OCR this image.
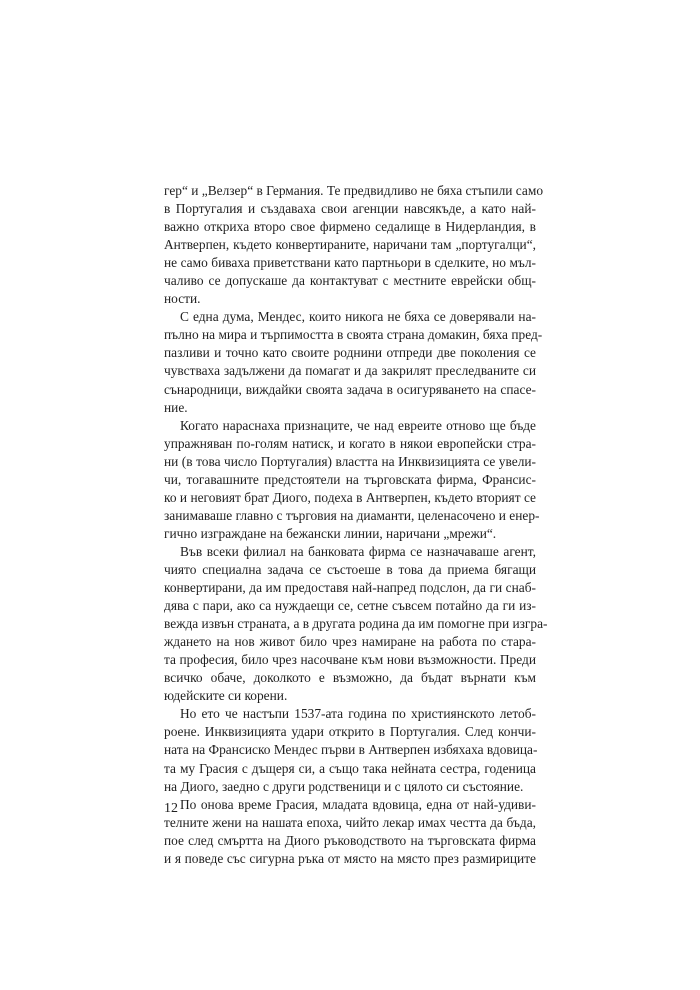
гер“ и „Велзер“ в Германия. Те предвидливо не бяха стъпили само
в Португалия и създаваха свои агенции навсякъде, а като най-
важно открихa второ свое фирмено седалище в Нидерландия, в
Антверпен, където конвертираните, наричани там „португалци“,
не само биваха приветствани като партньори в сделките, но мъл-
чаливо се допускаше да контактуват с местните еврейски общ-
ности.
С една дума, Мендес, които никога не бяха се доверявали на-
пълно на мира и търпимостта в своята страна домакин, бяха пред-
пазливи и точно като своите роднини отпреди две поколения се
чувстваха задължени да помагат и да закрилят преследваните си
сънародници, виждайки своята задача в осигуряването на спасе-
ние.
Когато нараснаха признаците, че над евреите отново ще бъде
упражняван по-голям натиск, и когато в някои европейски стра-
ни (в това число Португалия) властта на Инквизицията се увели-
чи, тогавашните предстоятели на търговската фирма, Франсис-
ко и неговият брат Диого, подеха в Антверпен, където вторият се
занимаваше главно с търговия на диаманти, целенасочено и енер-
гично изграждане на бежански линии, наричани „мрежи“.
Във всеки филиал на банковата фирма се назначаваше агент,
чиято специална задача се състоеше в това да приема бягащи
конвертирани, да им предоставя най-напред подслон, да ги снаб-
дява с пари, ако са нуждаещи се, сетне съвсем потайно да ги из-
вежда извън страната, а в другата родина да им помогне при изгра-
ждането на нов живот било чрез намиране на работа по стара-
та професия, било чрез насочване към нови възможности. Преди
всичко обаче, доколкото е възможно, да бъдат върнати към
юдейските си корени.
Но ето че настъпи 1537-ата година по християнското летоб-
роене. Инквизицията удари открито в Португалия. След кончи-
ната на Франсиско Мендес първи в Антверпен избяхаха вдовица-
та му Грасия с дъщеря си, а също така нейната сестра, годеница
на Диого, заедно с други родственици и с цялото си състояние.
По онова време Грасия, младата вдовица, една от най-удиви-
телните жени на нашата епоха, чийто лекар имах честта да бъда,
пое след смъртта на Диого ръководството на търговската фирма
и я поведе със сигурна ръка от място на място през размириците
12
